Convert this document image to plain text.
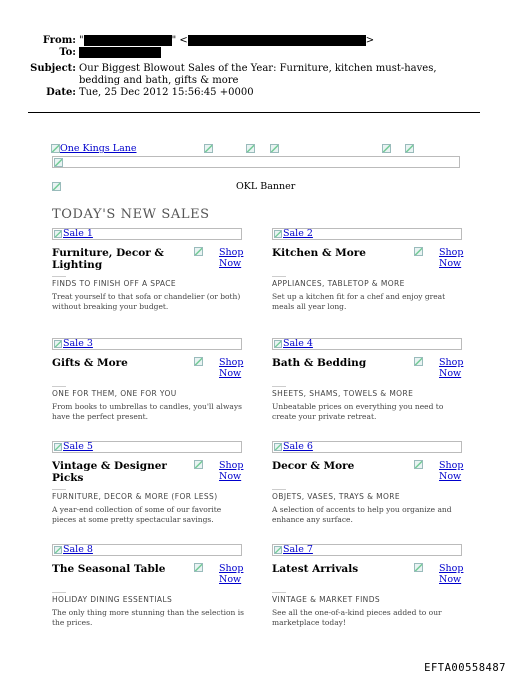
From: "	" <	>
To:
Subject: Our Biggest Blowout Sales of the Year: Furniture, kitchen must-haves, bedding and bath, gifts & more
Date: Tue, 25 Dec 2012 15:56:45 +0000
One Kings Lane
OKL Banner
TODAY'S NEW SALES
Sale 1
Furniture, Decor & Lighting
Shop Now
FINDS TO FINISH OFF A SPACE
Treat yourself to that sofa or chandelier (or both) without breaking your budget.
Sale 2
Kitchen & More	Shop Now
APPLIANCES, TABLETOP & MORE
Set up a kitchen fit for a chef and enjoy great meals all year long.
Sale 3
Gifts & More	Shop Now
ONE FOR THEM, ONE FOR YOU
From books to umbrellas to candles, you'll always have the perfect present.
Sale 4
Bath & Bedding	Shop Now
SHEETS, SHAMS, TOWELS & MORE
Unbeatable prices on everything you need to create your private retreat.
Sale 5
Vintage & Designer Picks
Shop Now
FURNITURE, DECOR & MORE (FOR LESS)
A year-end collection of some of our favorite pieces at some pretty spectacular savings.
Sale 6
Decor & More	Shop Now
OBJETS, VASES, TRAYS & MORE
A selection of accents to help you organize and enhance any surface.
Sale 8
The Seasonal Table	Shop Now
HOLIDAY DINING ESSENTIALS
The only thing more stunning than the selection is the prices.
Sale 7
Latest Arrivals	Shop Now
VINTAGE & MARKET FINDS
See all the one-of-a-kind pieces added to our marketplace today!
EFTA00558487
